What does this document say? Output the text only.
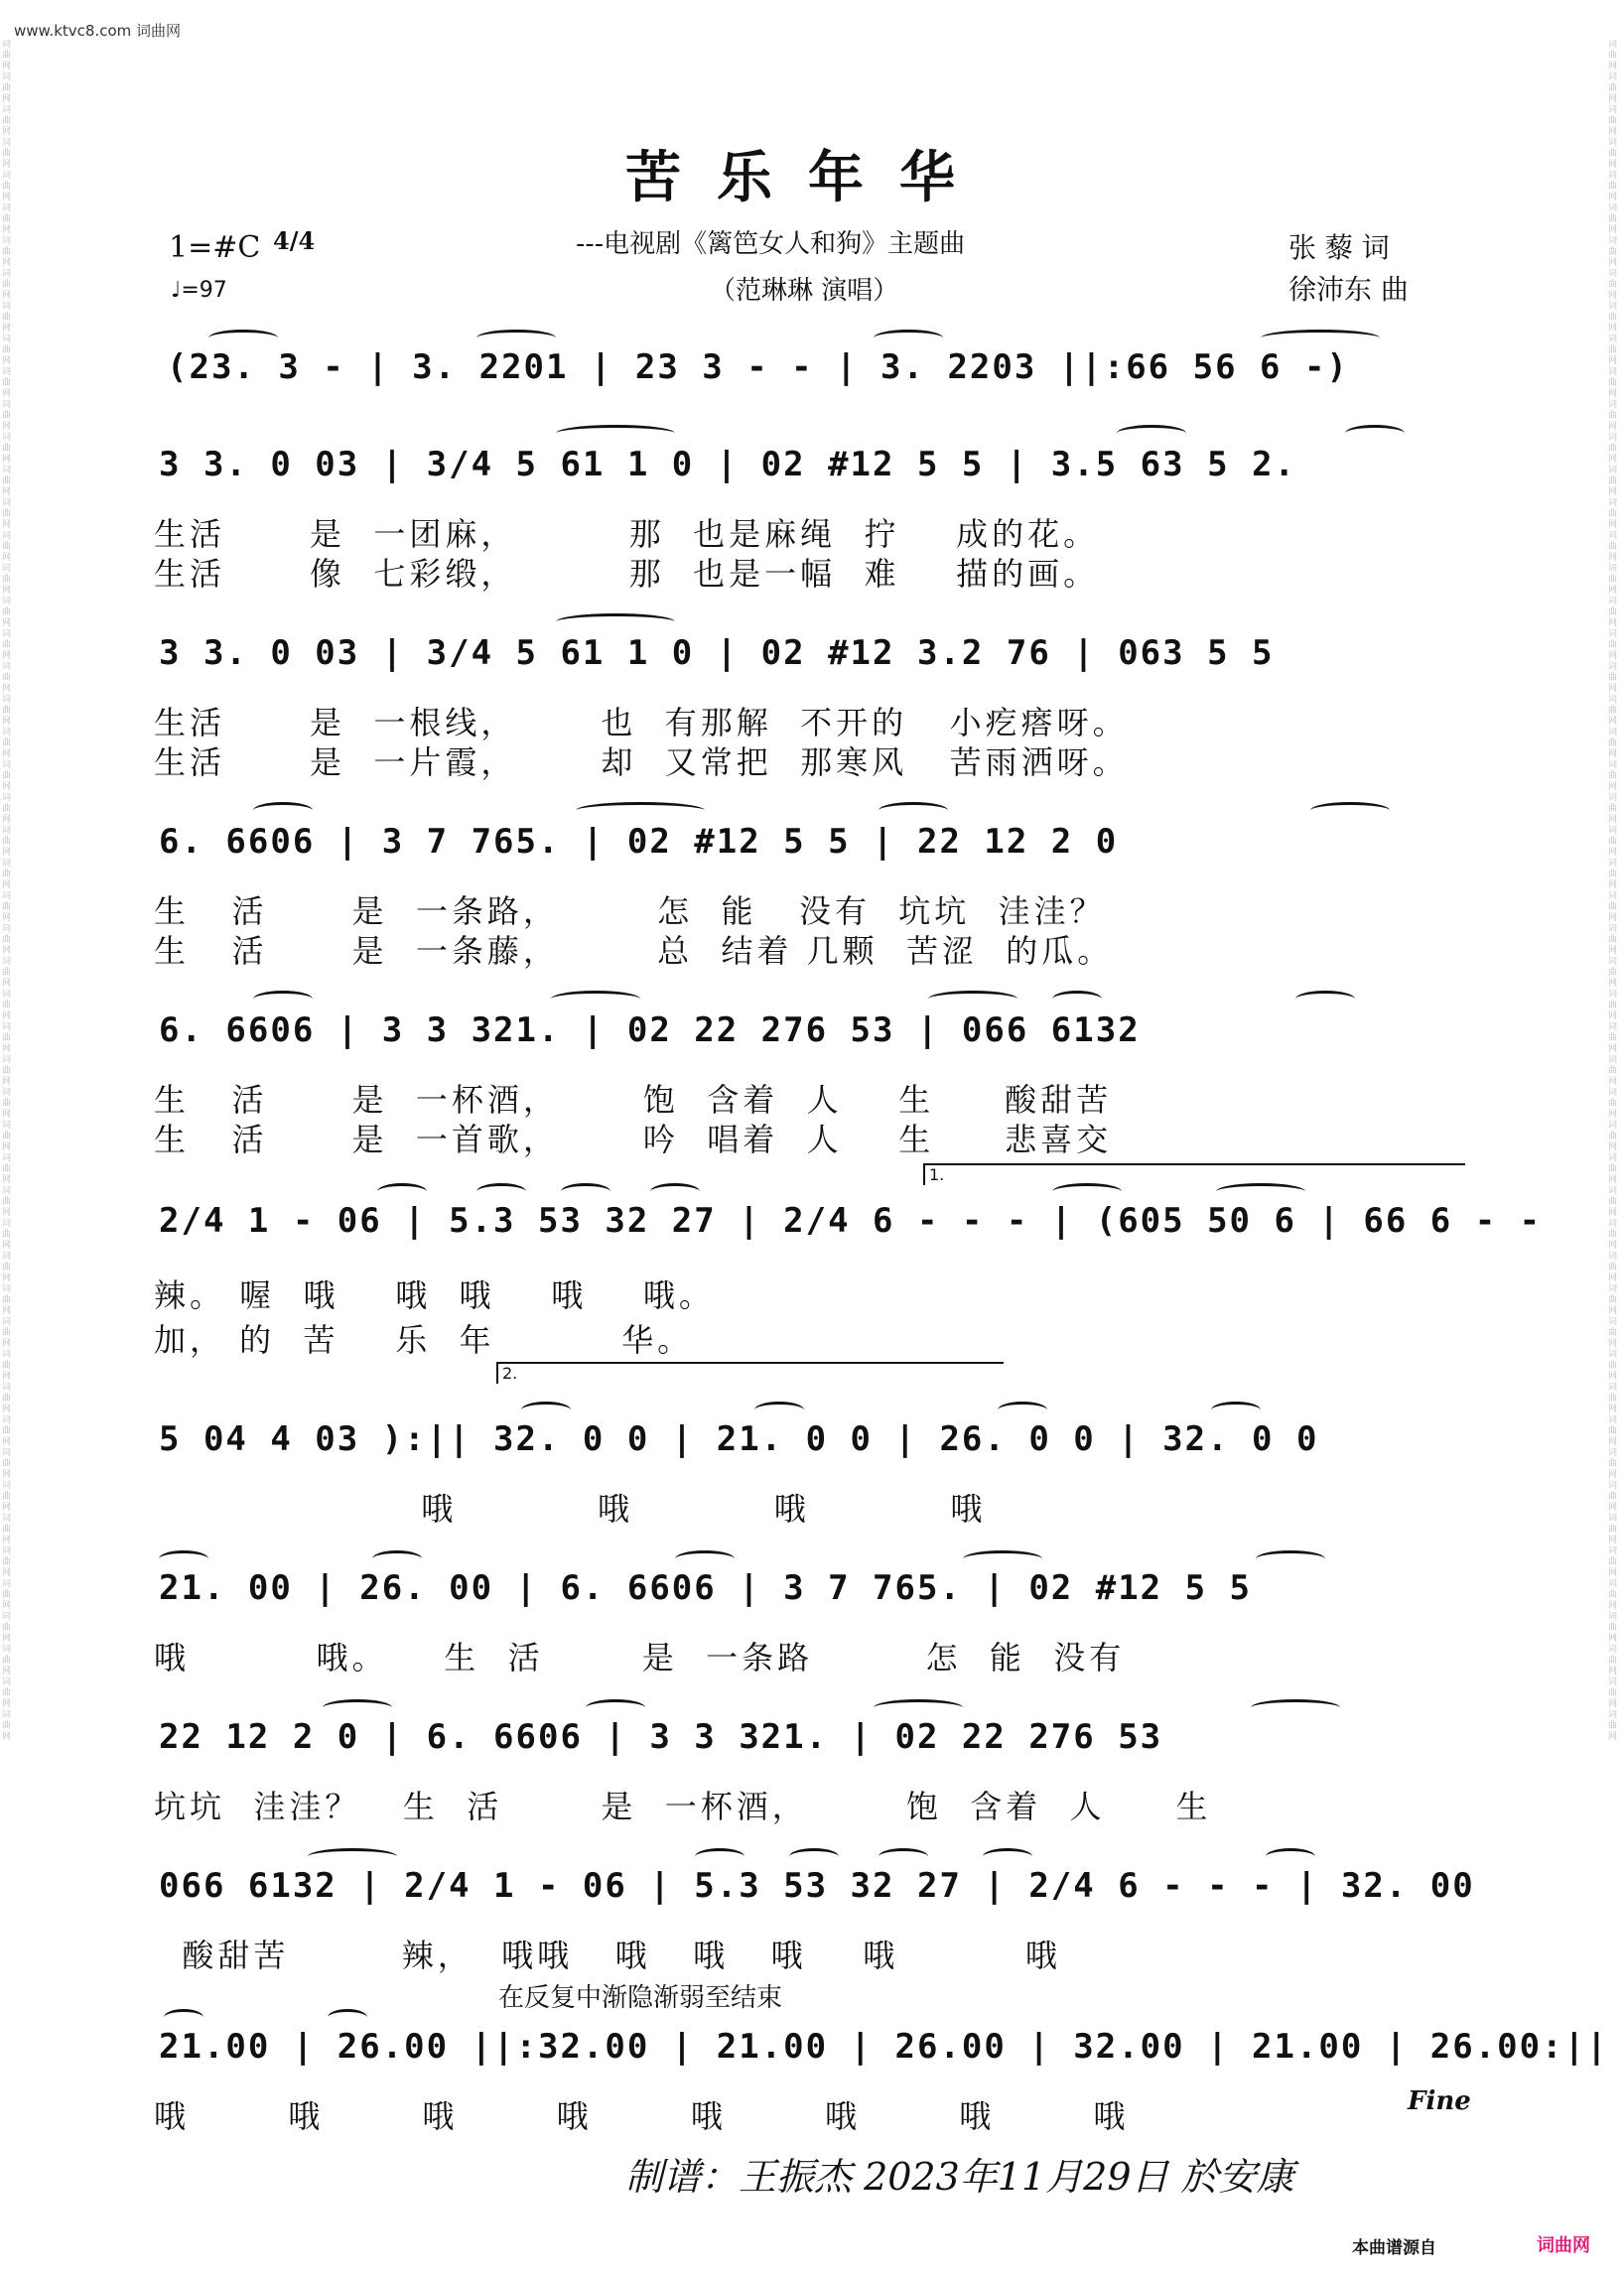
www.ktvc8.com 词曲网
词曲网词曲网词曲网词曲网词曲网词曲网词曲网词曲网词曲网词曲网词曲网词曲网词曲网词曲网词曲网词曲网词曲网词曲网词曲网词曲网词曲网词曲网词曲网词曲网词曲网词曲网词曲网词曲网词曲网词曲网词曲网词曲网词曲网词曲网词曲网词曲网词曲网词曲网词曲网词曲网词曲网词曲网词曲网词曲网词曲网词曲网词曲网词曲网词曲网词曲网词曲网词曲网
词曲网词曲网词曲网词曲网词曲网词曲网词曲网词曲网词曲网词曲网词曲网词曲网词曲网词曲网词曲网词曲网词曲网词曲网词曲网词曲网词曲网词曲网词曲网词曲网词曲网词曲网词曲网词曲网词曲网词曲网词曲网词曲网词曲网词曲网词曲网词曲网词曲网词曲网词曲网词曲网词曲网词曲网词曲网词曲网词曲网词曲网词曲网词曲网词曲网词曲网词曲网词曲网
苦乐年华
---电视剧《篱笆女人和狗》主题曲
（范琳琳 演唱）
1=#C 4/4
♩=97
张 藜 词
徐沛东 曲
(23. 3 - | 3. 2201 | 23 3 - - | 3. 2203 ||:66 56 6 -)
3 3. 0 03 | 3/4 5 61 1 0 | 02 #12 5 5 | 3.5 63 5 2.
生活      是  一团麻，        那  也是麻绳  拧    成的花。
生活      像  七彩缎，        那  也是一幅  难    描的画。
3 3. 0 03 | 3/4 5 61 1 0 | 02 #12 3.2 76 | 063 5 5
生活      是  一根线，      也  有那解  不开的   小疙瘩呀。
生活      是  一片霞，      却  又常把  那寒风   苦雨洒呀。
6. 6606 | 3 7 765. | 02 #12 5 5 | 22 12 2 0
生   活      是  一条路，       怎  能   没有  坑坑  洼洼？
生   活      是  一条藤，       总  结着 几颗  苦涩  的瓜。
6. 6606 | 3 3 321. | 02 22 276 53 | 066 6132
生   活      是  一杯酒，      饱  含着  人    生     酸甜苦
生   活      是  一首歌，      吟  唱着  人    生     悲喜交
1.
2/4 1 - 06 | 5.3 53 32 27 | 2/4 6 - - - | (605 50 6 | 66 6 - -
辣。 喔  哦    哦  哦    哦    哦。
加， 的  苦    乐  年         华。
2.
5 04 4 03 ):|| 32. 0 0 | 21. 0 0 | 26. 0 0 | 32. 0 0
哦          哦          哦          哦
21. 00 | 26. 00 | 6. 6606 | 3 7 765. | 02 #12 5 5
哦         哦。    生  活       是  一条路        怎  能  没有
22 12 2 0 | 6. 6606 | 3 3 321. | 02 22 276 53
坑坑  洼洼？   生  活       是  一杯酒，       饱  含着  人     生
066 6132 | 2/4 1 - 06 | 5.3 53 32 27 | 2/4 6 - - - | 32. 00
酸甜苦        辣，  哦哦   哦   哦   哦    哦         哦
在反复中渐隐渐弱至结束
21.00 | 26.00 ||:32.00 | 21.00 | 26.00 | 32.00 | 21.00 | 26.00:||
哦       哦       哦       哦       哦       哦       哦       哦	Fine
制谱：王振杰 2023年11月29日 於安康
本曲谱源自	词曲网
